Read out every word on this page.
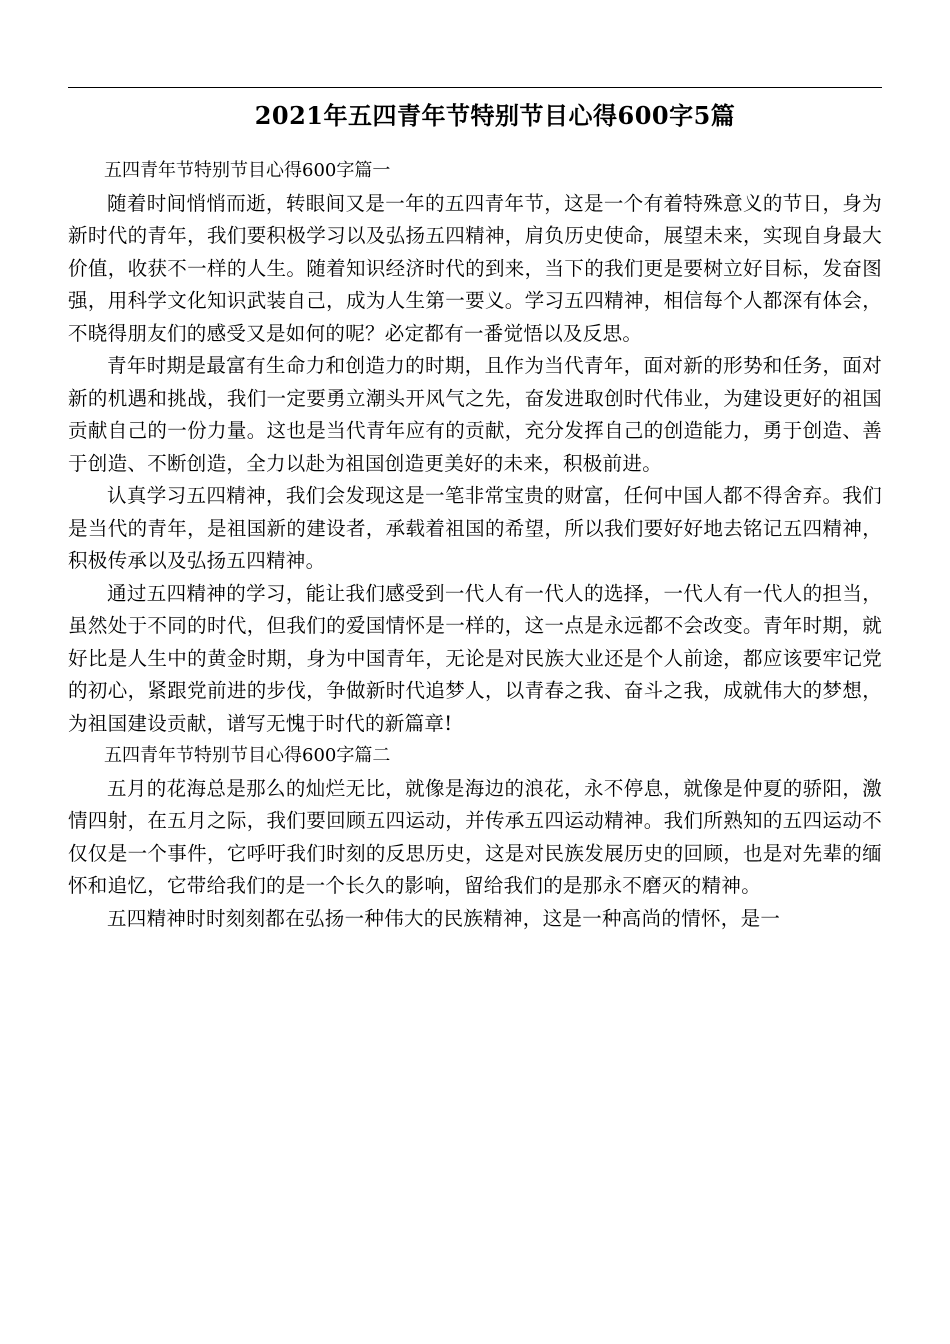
2021年五四青年节特别节目心得600字5篇

五四青年节特别节目心得600字篇一

随着时间悄悄而逝，转眼间又是一年的五四青年节，这是一个有着特殊意义的节日，身为新时代的青年，我们要积极学习以及弘扬五四精神，肩负历史使命，展望未来，实现自身最大价值，收获不一样的人生。随着知识经济时代的到来，当下的我们更是要树立好目标，发奋图强，用科学文化知识武装自己，成为人生第一要义。学习五四精神，相信每个人都深有体会，不晓得朋友们的感受又是如何的呢？必定都有一番觉悟以及反思。

青年时期是最富有生命力和创造力的时期，且作为当代青年，面对新的形势和任务，面对新的机遇和挑战，我们一定要勇立潮头开风气之先，奋发进取创时代伟业，为建设更好的祖国贡献自己的一份力量。这也是当代青年应有的贡献，充分发挥自己的创造能力，勇于创造、善于创造、不断创造，全力以赴为祖国创造更美好的未来，积极前进。

认真学习五四精神，我们会发现这是一笔非常宝贵的财富，任何中国人都不得舍弃。我们是当代的青年，是祖国新的建设者，承载着祖国的希望，所以我们要好好地去铭记五四精神，积极传承以及弘扬五四精神。

通过五四精神的学习，能让我们感受到一代人有一代人的选择，一代人有一代人的担当，虽然处于不同的时代，但我们的爱国情怀是一样的，这一点是永远都不会改变。青年时期，就好比是人生中的黄金时期，身为中国青年，无论是对民族大业还是个人前途，都应该要牢记党的初心，紧跟党前进的步伐，争做新时代追梦人，以青春之我、奋斗之我，成就伟大的梦想，为祖国建设贡献，谱写无愧于时代的新篇章!

五四青年节特别节目心得600字篇二

五月的花海总是那么的灿烂无比，就像是海边的浪花，永不停息，就像是仲夏的骄阳，激情四射，在五月之际，我们要回顾五四运动，并传承五四运动精神。我们所熟知的五四运动不仅仅是一个事件，它呼吁我们时刻的反思历史，这是对民族发展历史的回顾，也是对先辈的缅怀和追忆，它带给我们的是一个长久的影响，留给我们的是那永不磨灭的精神。

五四精神时时刻刻都在弘扬一种伟大的民族精神，这是一种高尚的情怀，是一
